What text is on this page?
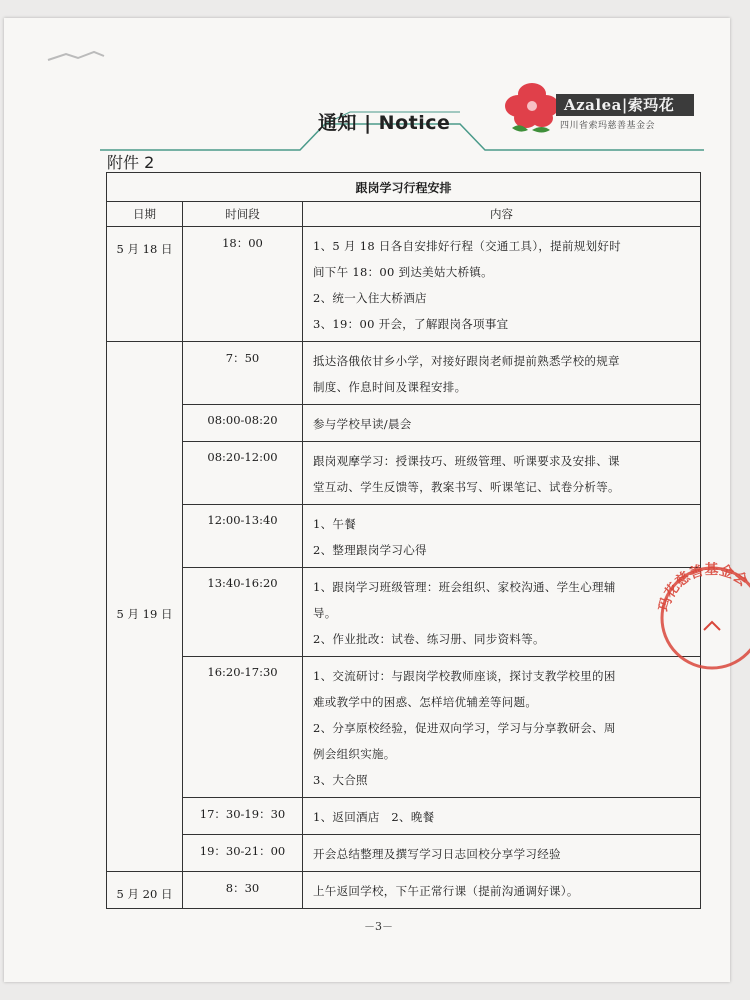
Azalea|索玛花
四川省索玛慈善基金会
通知 | Notice
附件 2
跟岗学习行程安排		
日期	时间段	内容
5 月 18 日	18：00	1、5 月 18 日各自安排好行程（交通工具），提前规划好时
间下午 18：00 到达美姑大桥镇。
2、统一入住大桥酒店
3、19：00 开会，了解跟岗各项事宜

5 月 19 日	7：50	抵达洛俄依甘乡小学，对接好跟岗老师提前熟悉学校的规章
制度、作息时间及课程安排。

	08:00-08:20	参与学校早读/晨会

	08:20-12:00	跟岗观摩学习：授课技巧、班级管理、听课要求及安排、课
堂互动、学生反馈等，教案书写、听课笔记、试卷分析等。

	12:00-13:40	1、午餐
2、整理跟岗学习心得

	13:40-16:20	1、跟岗学习班级管理：班会组织、家校沟通、学生心理辅
导。
2、作业批改：试卷、练习册、同步资料等。

	16:20-17:30	1、交流研讨：与跟岗学校教师座谈，探讨支教学校里的困
难或教学中的困惑、怎样培优辅差等问题。
2、分享原校经验，促进双向学习，学习与分享教研会、周
例会组织实施。
3、大合照

	17：30-19：30	1、返回酒店　2、晚餐

	19：30-21：00	开会总结整理及撰写学习日志回校分享学习经验

5 月 20 日	8：30	上午返回学校，下午正常行课（提前沟通调好课）。
玛花慈善基金会
－3－
